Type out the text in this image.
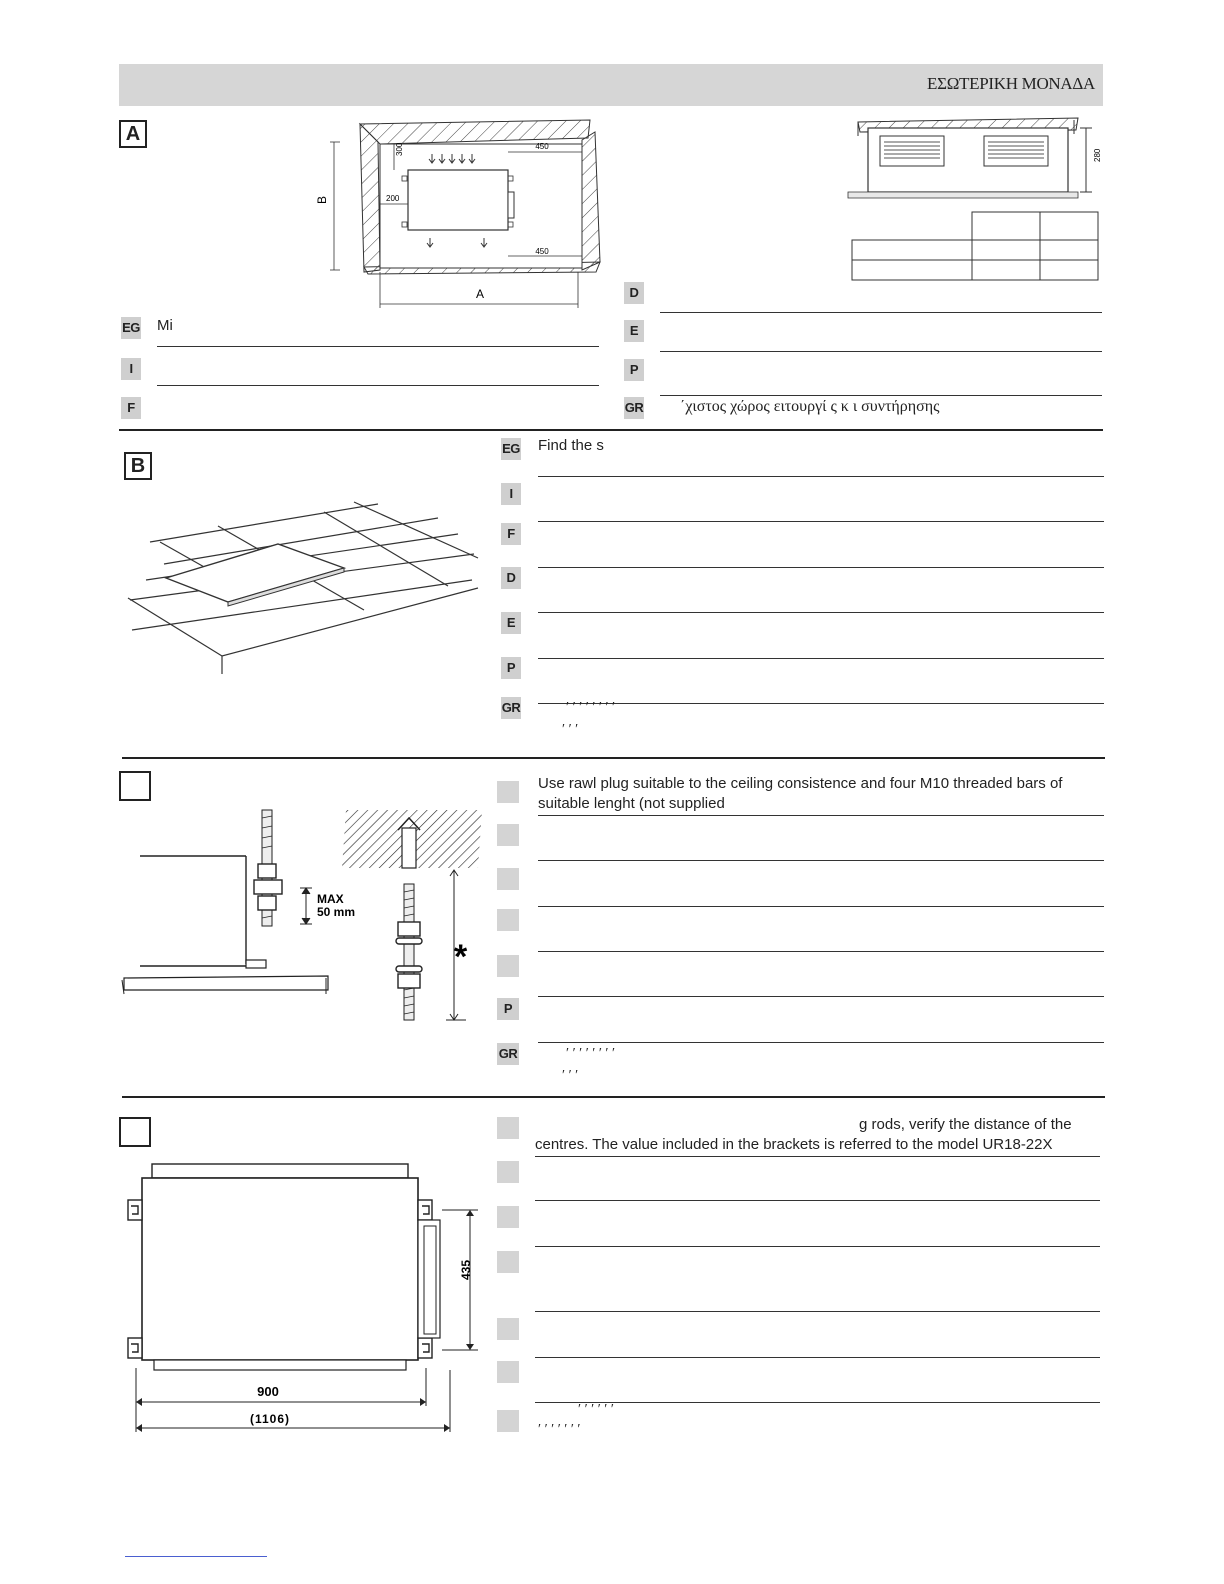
ΕΣΩΤΕΡΙΚΗ ΜΟΝΑΔΑ
A
450
450
300
200
A
B
280
EG Mi
I
F
D
E
P
GR ΄χιστος χώρος ειτουργί ς κ ι συντήρησης
B
EG Find the s
I
F
D
E
P
GR	′ ′ ′ ′ ′ ′ ′ ′
′ ′ ′
*
MAX
50 mm
Use rawl plug suitable to the ceiling consistence and four M10 threaded bars of
suitable lenght (not supplied
P
GR	′ ′ ′ ′ ′ ′ ′ ′
′ ′ ′
435
900
(1106)
g rods, verify the distance of the
centres. The value included in the brackets is referred to the model UR18-22X
′ ′ ′ ′ ′ ′
′ ′ ′ ′ ′ ′ ′
